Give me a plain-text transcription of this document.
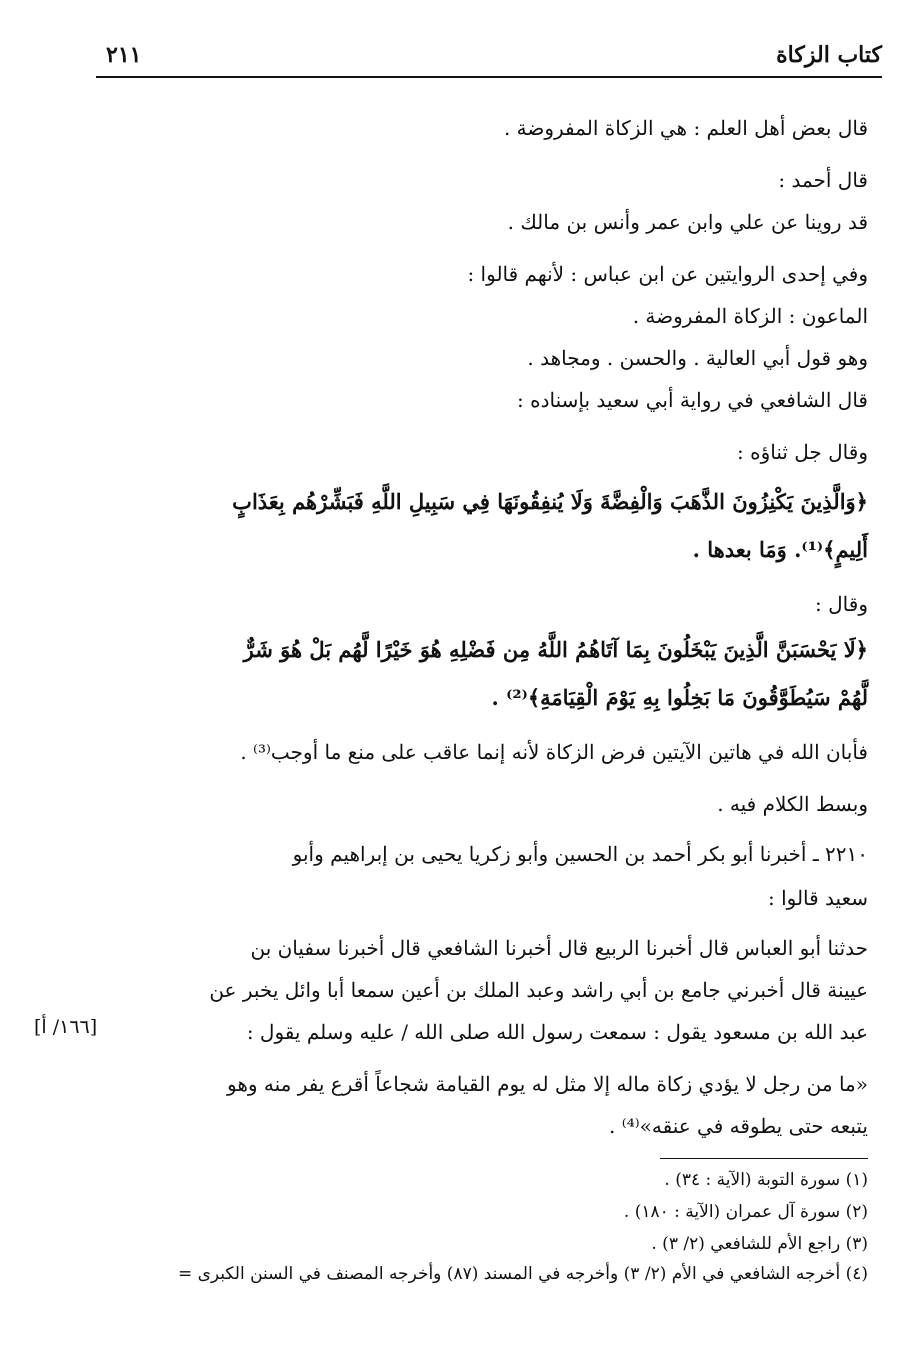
كتاب الزكاة
٢١١
قال بعض أهل العلم : هي الزكاة المفروضة .
قال أحمد :
قد روينا عن علي وابن عمر وأنس بن مالك .
وفي إحدى الروايتين عن ابن عباس : لأنهم قالوا :
الماعون : الزكاة المفروضة .
وهو قول أبي العالية . والحسن . ومجاهد .
قال الشافعي في رواية أبي سعيد بإسناده :
وقال جل ثناؤه :
﴿وَالَّذِينَ يَكْنِزُونَ الذَّهَبَ وَالْفِضَّةَ وَلَا يُنفِقُونَهَا فِي سَبِيلِ اللَّهِ فَبَشِّرْهُم بِعَذَابٍ
أَلِيمٍ﴾⁽¹⁾. وَمَا بعدها .
وقال :
﴿لَا يَحْسَبَنَّ الَّذِينَ يَبْخَلُونَ بِمَا آتَاهُمُ اللَّهُ مِن فَضْلِهِ هُوَ خَيْرًا لَّهُم بَلْ هُوَ شَرٌّ
لَّهُمْ سَيُطَوَّقُونَ مَا بَخِلُوا بِهِ يَوْمَ الْقِيَامَةِ﴾⁽²⁾ .
فأبان الله في هاتين الآيتين فرض الزكاة لأنه إنما عاقب على منع ما أوجب⁽³⁾ .
وبسط الكلام فيه .
٢٢١٠ ـ أخبرنا أبو بكر أحمد بن الحسين وأبو زكريا يحيى بن إبراهيم وأبو
سعيد قالوا :
حدثنا أبو العباس قال أخبرنا الربيع قال أخبرنا الشافعي قال أخبرنا سفيان بن
عيينة قال أخبرني جامع بن أبي راشد وعبد الملك بن أعين سمعا أبا وائل يخبر عن
عبد الله بن مسعود يقول : سمعت رسول الله صلى الله / عليه وسلم يقول :
«ما من رجل لا يؤدي زكاة ماله إلا مثل له يوم القيامة شجاعاً أقرع يفر منه وهو
يتبعه حتى يطوقه في عنقه»⁽⁴⁾ .
[١٦٦/ أ]
(١) سورة التوبة (الآية : ٣٤) .
(٢) سورة آل عمران (الآية : ١٨٠) .
(٣) راجع الأم للشافعي (٢/ ٣) .
(٤) أخرجه الشافعي في الأم (٢/ ٣) وأخرجه في المسند (٨٧) وأخرجه المصنف في السنن الكبرى =
